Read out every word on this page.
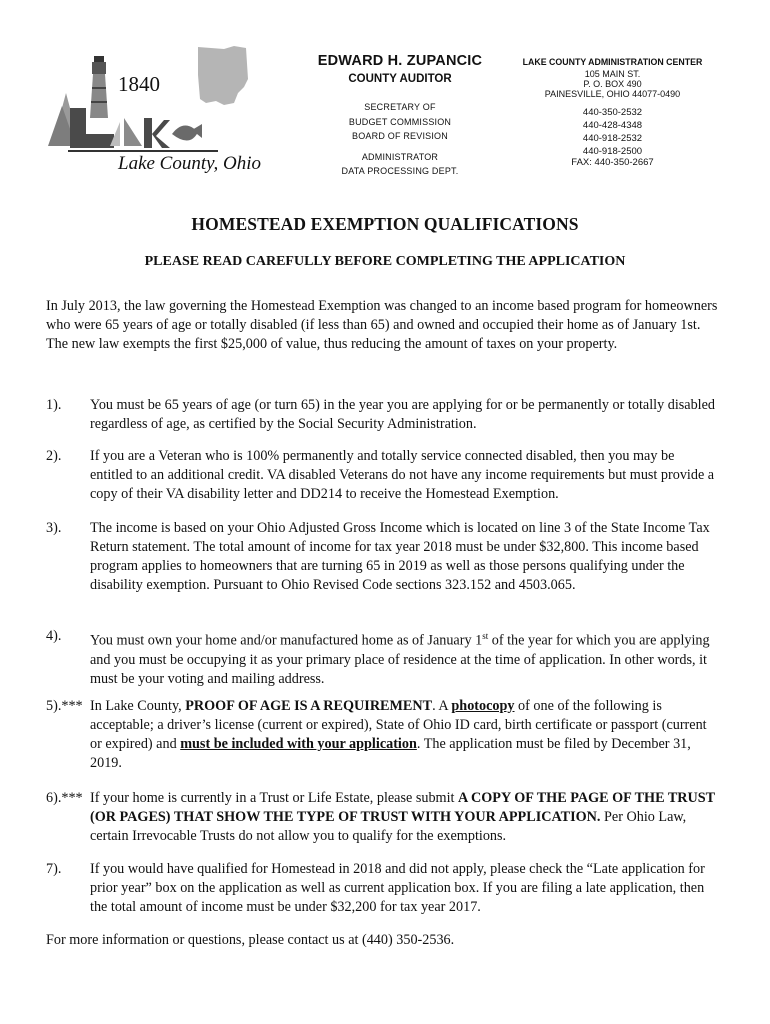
1840
Lake County, Ohio
EDWARD H. ZUPANCIC
COUNTY AUDITOR
SECRETARY OF
BUDGET COMMISSION
BOARD OF REVISION
ADMINISTRATOR
DATA PROCESSING DEPT.
LAKE COUNTY ADMINISTRATION CENTER
105 MAIN ST.
P. O. BOX 490
PAINESVILLE, OHIO 44077-0490
440-350-2532
440-428-4348
440-918-2532
440-918-2500
FAX: 440-350-2667
HOMESTEAD EXEMPTION QUALIFICATIONS
PLEASE READ CAREFULLY BEFORE COMPLETING THE APPLICATION
In July 2013, the law governing the Homestead Exemption was changed to an income based program for homeowners who were 65 years of age or totally disabled (if less than 65) and owned and occupied their home as of January 1st. The new law exempts the first $25,000 of value, thus reducing the amount of taxes on your property.
1). You must be 65 years of age (or turn 65) in the year you are applying for or be permanently or totally disabled regardless of age, as certified by the Social Security Administration.
2). If you are a Veteran who is 100% permanently and totally service connected disabled, then you may be entitled to an additional credit. VA disabled Veterans do not have any income requirements but must provide a copy of their VA disability letter and DD214 to receive the Homestead Exemption.
3). The income is based on your Ohio Adjusted Gross Income which is located on line 3 of the State Income Tax Return statement. The total amount of income for tax year 2018 must be under $32,800. This income based program applies to homeowners that are turning 65 in 2019 as well as those persons qualifying under the disability exemption. Pursuant to Ohio Revised Code sections 323.152 and 4503.065.
4). You must own your home and/or manufactured home as of January 1st of the year for which you are applying and you must be occupying it as your primary place of residence at the time of application. In other words, it must be your voting and mailing address.
5).*** In Lake County, PROOF OF AGE IS A REQUIREMENT. A photocopy of one of the following is acceptable; a driver’s license (current or expired), State of Ohio ID card, birth certificate or passport (current or expired) and must be included with your application. The application must be filed by December 31, 2019.
6).*** If your home is currently in a Trust or Life Estate, please submit A COPY OF THE PAGE OF THE TRUST (OR PAGES) THAT SHOW THE TYPE OF TRUST WITH YOUR APPLICATION. Per Ohio Law, certain Irrevocable Trusts do not allow you to qualify for the exemptions.
7). If you would have qualified for Homestead in 2018 and did not apply, please check the “Late application for prior year” box on the application as well as current application box. If you are filing a late application, then the total amount of income must be under $32,200 for tax year 2017.
For more information or questions, please contact us at (440) 350-2536.
